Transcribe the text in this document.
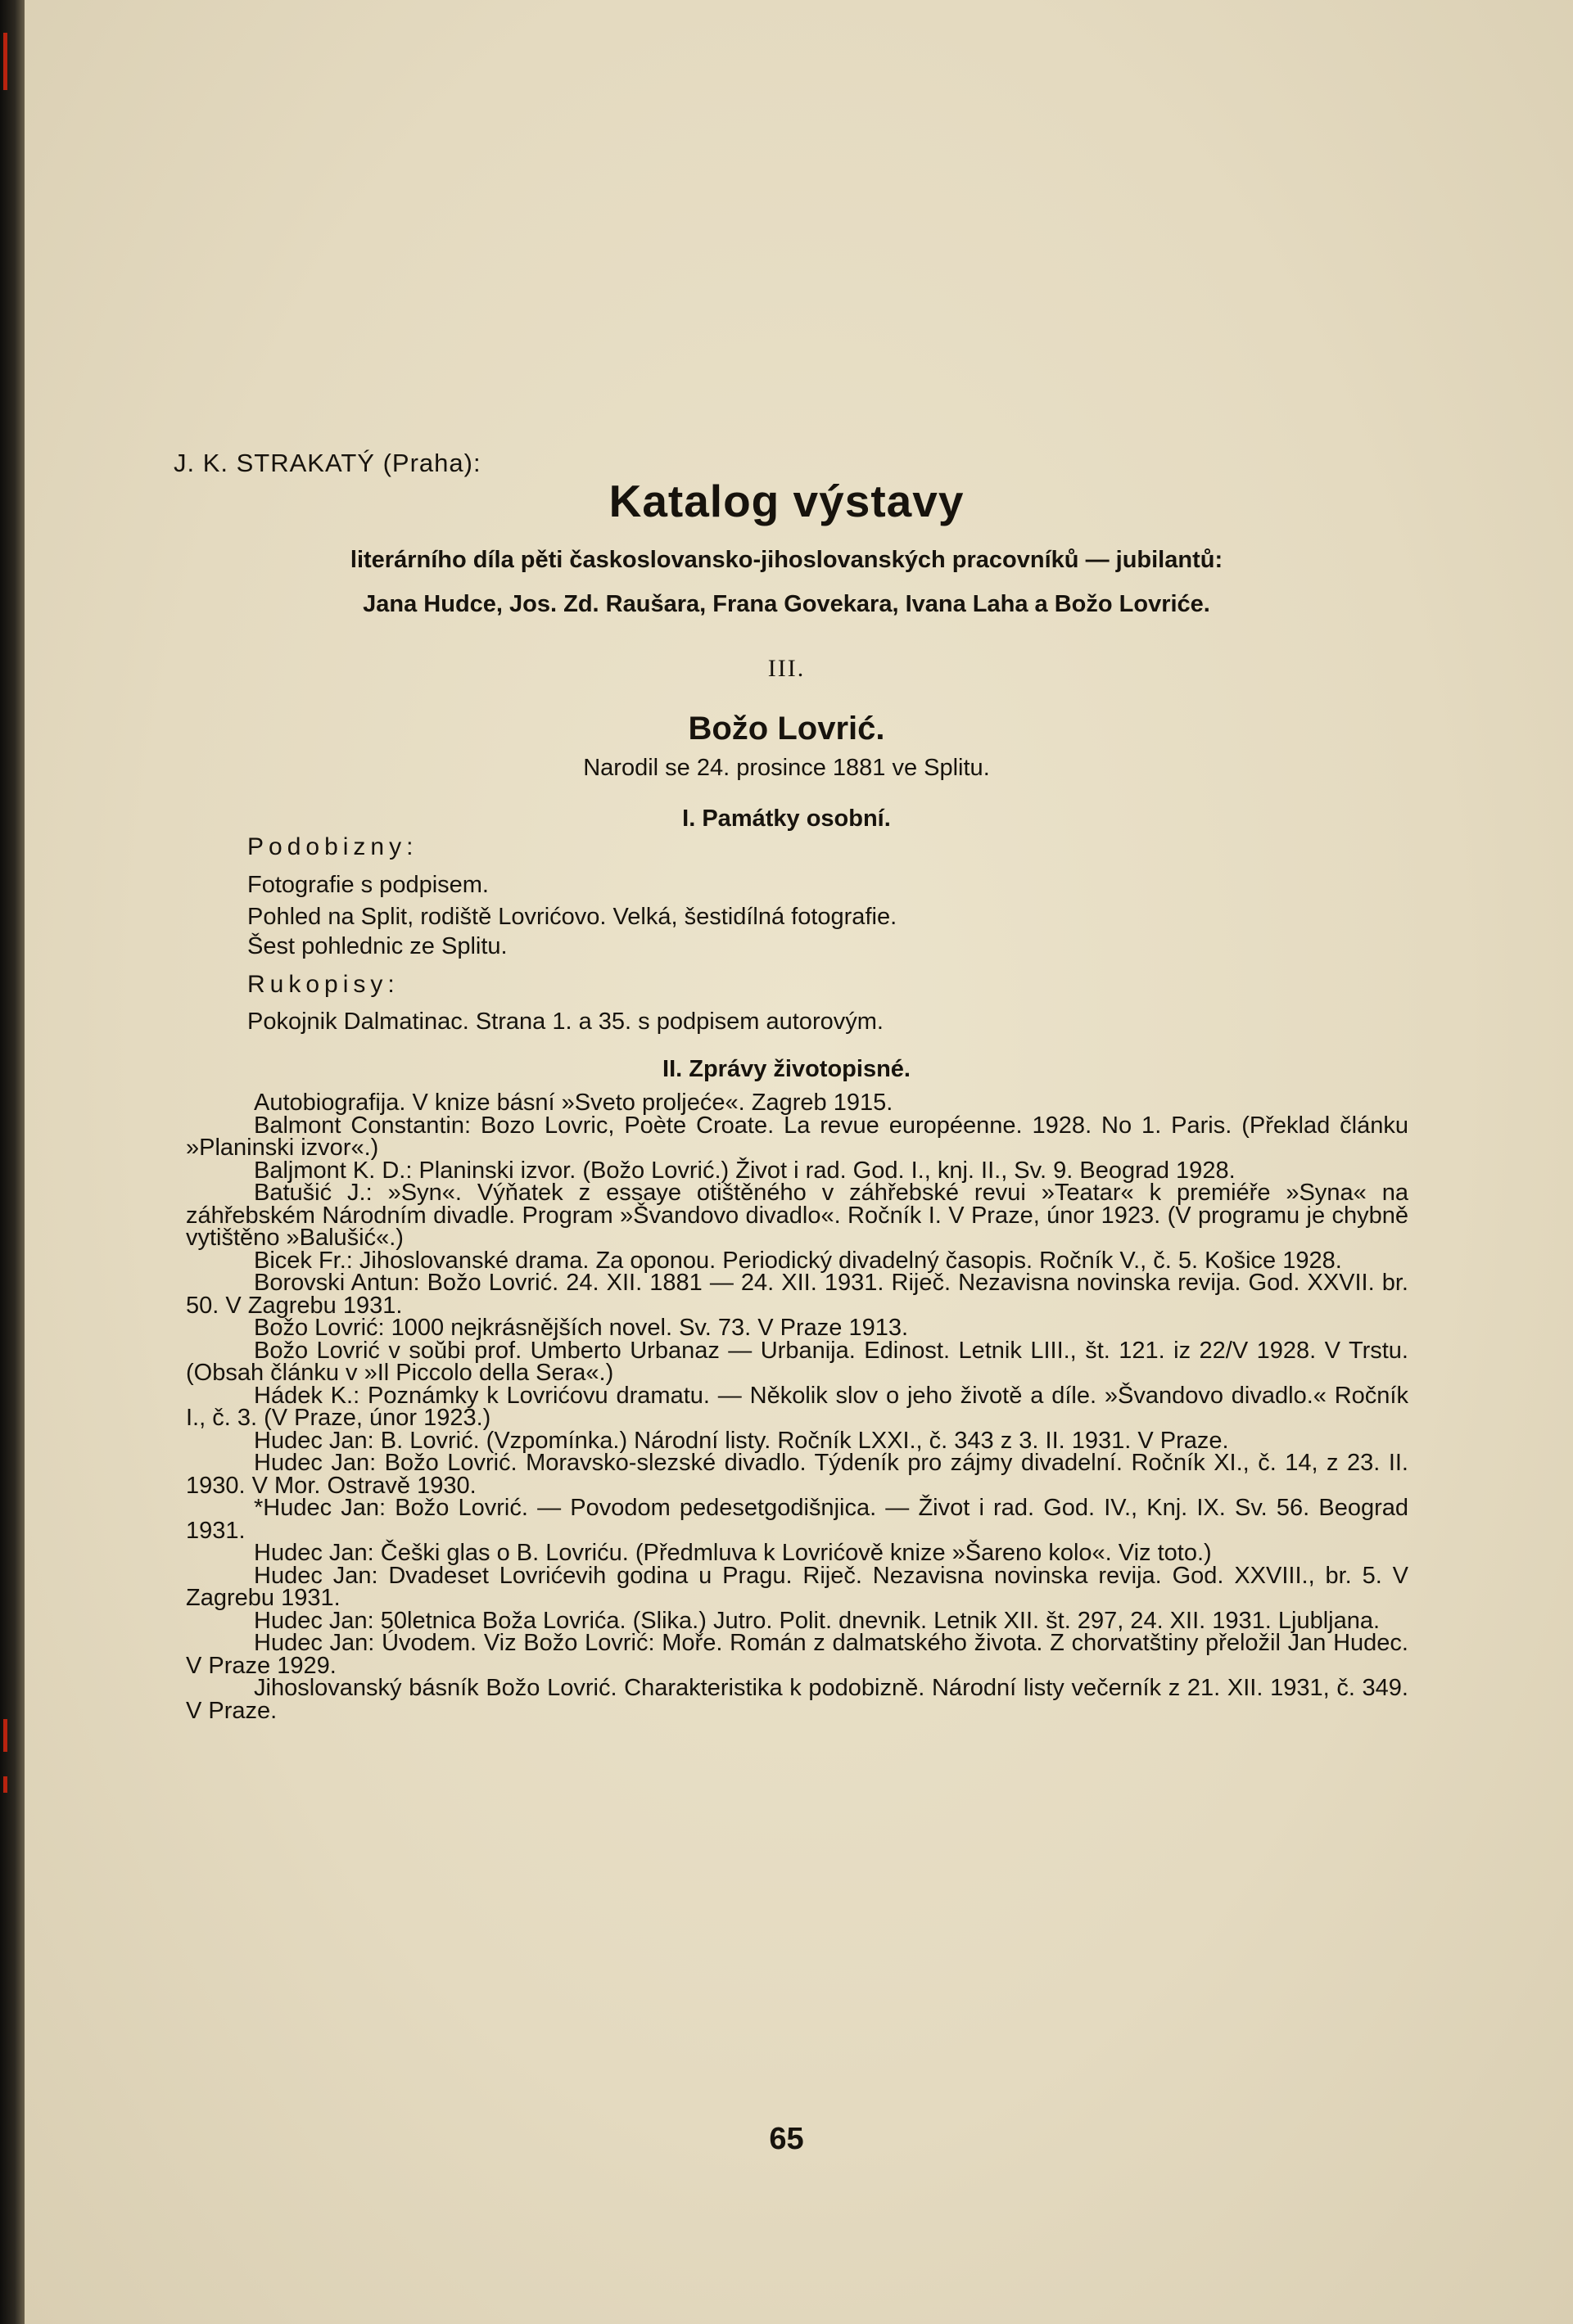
J. K. STRAKATÝ (Praha):
Katalog výstavy
literárního díla pěti časkoslovansko-jihoslovanských pracovníků — jubilantů:
Jana Hudce, Jos. Zd. Raušara, Frana Govekara, Ivana Laha a Božo Lovriće.
III.
Božo Lovrić.
Narodil se 24. prosince 1881 ve Splitu.
I. Památky osobní.
Podobizny:
Fotografie s podpisem.
Pohled na Split, rodiště Lovrićovo. Velká, šestidílná fotografie.
Šest pohlednic ze Splitu.
Rukopisy:
Pokojnik Dalmatinac. Strana 1. a 35. s podpisem autorovým.
II. Zprávy životopisné.

Autobiografija. V knize básní »Sveto proljeće«. Zagreb 1915.

Balmont Constantin: Bozo Lovric, Poète Croate. La revue européenne. 1928. No 1. Paris. (Překlad článku »Planinski izvor«.)

Baljmont K. D.: Planinski izvor. (Božo Lovrić.) Život i rad. God. I., knj. II., Sv. 9. Beograd 1928.

Batušić J.: »Syn«. Výňatek z essaye otištěného v záhřebské revui »Teatar« k premiéře »Syna« na záhřebském Národním divadle. Program »Švandovo divadlo«. Ročník I. V Praze, únor 1923. (V programu je chybně vytištěno »Balušić«.)

Bicek Fr.: Jihoslovanské drama. Za oponou. Periodický divadelný časopis. Ročník V., č. 5. Košice 1928.

Borovski Antun: Božo Lovrić. 24. XII. 1881 — 24. XII. 1931. Riječ. Nezavisna novinska revija. God. XXVII. br. 50. V Zagrebu 1931.

Božo Lovrić: 1000 nejkrásnějších novel. Sv. 73. V Praze 1913.

Božo Lovrić v soŭbi prof. Umberto Urbanaz — Urbanija. Edinost. Letnik LIII., št. 121. iz 22/V 1928. V Trstu. (Obsah článku v »Il Piccolo della Sera«.)

Hádek K.: Poznámky k Lovrićovu dramatu. — Několik slov o jeho životě a díle. »Švandovo divadlo.« Ročník I., č. 3. (V Praze, únor 1923.)

Hudec Jan: B. Lovrić. (Vzpomínka.) Národní listy. Ročník LXXI., č. 343 z 3. II. 1931. V Praze.

Hudec Jan: Božo Lovrić. Moravsko-slezské divadlo. Týdeník pro zájmy divadelní. Ročník XI., č. 14, z 23. II. 1930. V Mor. Ostravě 1930.

*Hudec Jan: Božo Lovrić. — Povodom pedesetgodišnjica. — Život i rad. God. IV., Knj. IX. Sv. 56. Beograd 1931.

Hudec Jan: Češki glas o B. Lovriću. (Předmluva k Lovrićově knize »Šareno kolo«. Viz toto.)

Hudec Jan: Dvadeset Lovrićevih godina u Pragu. Riječ. Nezavisna novinska revija. God. XXVIII., br. 5. V Zagrebu 1931.

Hudec Jan: 50letnica Boža Lovrića. (Slika.) Jutro. Polit. dnevnik. Letnik XII. št. 297, 24. XII. 1931. Ljubljana.

Hudec Jan: Úvodem. Viz Božo Lovrić: Moře. Román z dalmatského života. Z chorvatštiny přeložil Jan Hudec. V Praze 1929.

Jihoslovanský básník Božo Lovrić. Charakteristika k podobizně. Národní listy večerník z 21. XII. 1931, č. 349. V Praze.

65
